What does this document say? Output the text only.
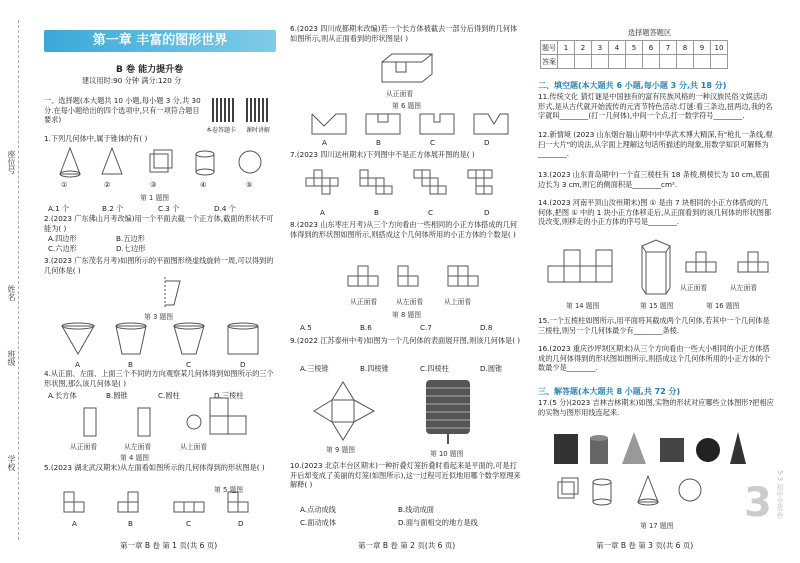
座位号
姓名
班级
学校
第一章 丰富的图形世界
B 卷 能力提升卷
建议用时:90 分钟 满分:120 分
本卷答题卡 课时讲解
一、选择题(本大题共 10 小题,每小题 3 分,共 30 分.在每小题给出的四个选项中,只有一项符合题目要求)
1.下列几何体中,属于锥体的有( )
①	②	③	④	⑤
第 1 题图
A.1 个	B.2 个	C.3 个	D.4 个
2.(2023 广东佛山月考改编)用一个平面去截一个正方体,截面的形状不可能为( )
A.四边形	B.五边形
C.六边形	D.七边形
3.(2023 广东茂名月考)如图所示的平面图形绕虚线旋转一周,可以得到的几何体是( )
第 3 题图
A	B	C	D
4.从正面、左面、上面三个不同的方向观察某几何体得到如图所示的三个形状图,那么该几何体是( )
A.长方体	B.圆锥	C.圆柱	D.三棱柱
从正面看	从左面看	从上面看
第 4 题图
5.(2023 湖北武汉期末)从左面看如图所示的几何体得到的形状图是( )
第 5 题图
A	B	C	D
第一章 B 卷 第 1 页(共 6 页)
6.(2023 四川成都期末改编)若一个长方体被截去一部分后得到的几何体如图所示,则从正面看到的形状图是( )
从正面看
第 6 题图
A	B	C	D
7.(2023 四川达州期末)下列图中不是正方体展开图的是( )
A	B	C	D
8.(2023 山东枣庄月考)从三个方向看由一些相同的小正方体搭成的几何体得到的形状图如图所示,则搭成这个几何体所用的小正方体的个数是( )
从正面看	从左面看	从上面看
第 8 题图
A.5	B.6	C.7	D.8
9.(2022 江苏泰州中考)如图为一个几何体的表面展开图,则该几何体是( )
A.三棱锥	B.四棱锥	C.四棱柱	D.圆锥
第 9 题图	第 10 题图
10.(2023 北京丰台区期末)一种折叠灯笼折叠时看起来是平面的,可是打开后却变成了美丽的灯笼(如图所示),这一过程可近似地用哪个数学原理来解释( )
A.点动成线	B.线动成面
C.面动成体	D.面与面相交的地方是线
第一章 B 卷 第 2 页(共 6 页)
选择题答题区
题号	1	2	3	4	5	6	7	8	9	10
答案										
二、填空题(本大题共 6 小题,每小题 3 分,共 18 分)
11.传统文化 猜灯谜是中国独有的富有民族风格的一种汉族民俗文娱活动形式,是从古代就开始流传的元宵节特色活动.灯谜:看三条边,扭两边,我的名字就叫________(打一几何体),中间一个点,打一数学符号________.
12.新情境 (2023 山东烟台福山期中)中华武术博大精深,有"枪扎一条线,棍扫一大片"的说法,从字面上理解这句话所描述的现象,用数学知识可解释为________.
13.(2023 山东青岛期中)一个直三棱柱有 18 条棱,侧棱长为 10 cm,底面边长为 3 cm,则它的侧面积是________cm².
14.(2023 河南平顶山汝州期末)图 ① 是由 7 块相同的小正方体搭成的几何体,把图 ① 中的 1 块小正方体移走后,从正面看到的该几何体的形状图都没改变,则移走的小正方体的序号是________.
从正面看	从左面看
第 14 题图	第 15 题图	第 16 题图
15.一个五棱柱如图所示,用平面将其截成两个几何体,若其中一个几何体是三棱柱,则另一个几何体最少有________条棱.
16.(2023 重庆沙坪坝区期末)从三个方向看由一些大小相同的小正方体搭成的几何体得到的形状图如图所示,则搭成这个几何体所用的小正方体的个数最少是________.
三、解答题(本大题共 8 小题,共 72 分)
17.(5 分)(2023 吉林吉林期末)如图,实物的形状对应哪些立体图形?把相应的实物与图形用线连起来.
第 17 题图 3 5·3 初中全优卷
第一章 B 卷 第 3 页(共 6 页)
